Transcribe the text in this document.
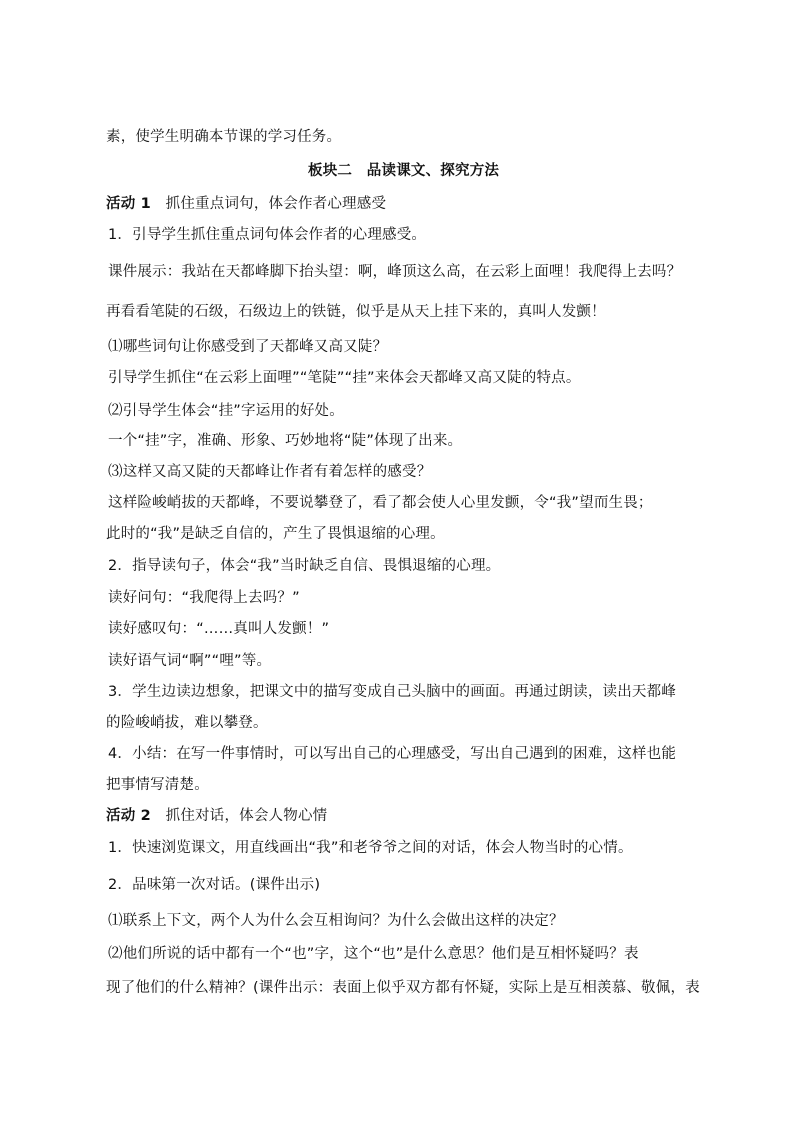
素，使学生明确本节课的学习任务。

板块二　品读课文、探究方法

活动 1　 抓住重点词句，体会作者心理感受

1．引导学生抓住重点词句体会作者的心理感受。

课件展示：我站在天都峰脚下抬头望：啊，峰顶这么高，在云彩上面哩！我爬得上去吗？

再看看笔陡的石级，石级边上的铁链，似乎是从天上挂下来的，真叫人发颤！

⑴哪些词句让你感受到了天都峰又高又陡？

引导学生抓住“在云彩上面哩”“笔陡”“挂”来体会天都峰又高又陡的特点。

⑵引导学生体会“挂”字运用的好处。

一个“挂”字，准确、形象、巧妙地将“陡”体现了出来。

⑶这样又高又陡的天都峰让作者有着怎样的感受？

这样险峻峭拔的天都峰，不要说攀登了，看了都会使人心里发颤，令“我”望而生畏；

此时的“我”是缺乏自信的，产生了畏惧退缩的心理。

2．指导读句子，体会“我”当时缺乏自信、畏惧退缩的心理。

读好问句：“我爬得上去吗？”

读好感叹句：“……真叫人发颤！”

读好语气词“啊”“哩”等。

3．学生边读边想象，把课文中的描写变成自己头脑中的画面。再通过朗读，读出天都峰

的险峻峭拔，难以攀登。

4．小结：在写一件事情时，可以写出自己的心理感受，写出自己遇到的困难，这样也能

把事情写清楚。

活动 2　 抓住对话，体会人物心情

1．快速浏览课文，用直线画出“我”和老爷爷之间的对话，体会人物当时的心情。

2．品味第一次对话。(课件出示)

⑴联系上下文，两个人为什么会互相询问？为什么会做出这样的决定？

⑵他们所说的话中都有一个“也”字，这个“也”是什么意思？他们是互相怀疑吗？表

现了他们的什么精神？(课件出示：表面上似乎双方都有怀疑，实际上是互相羡慕、敬佩，表
